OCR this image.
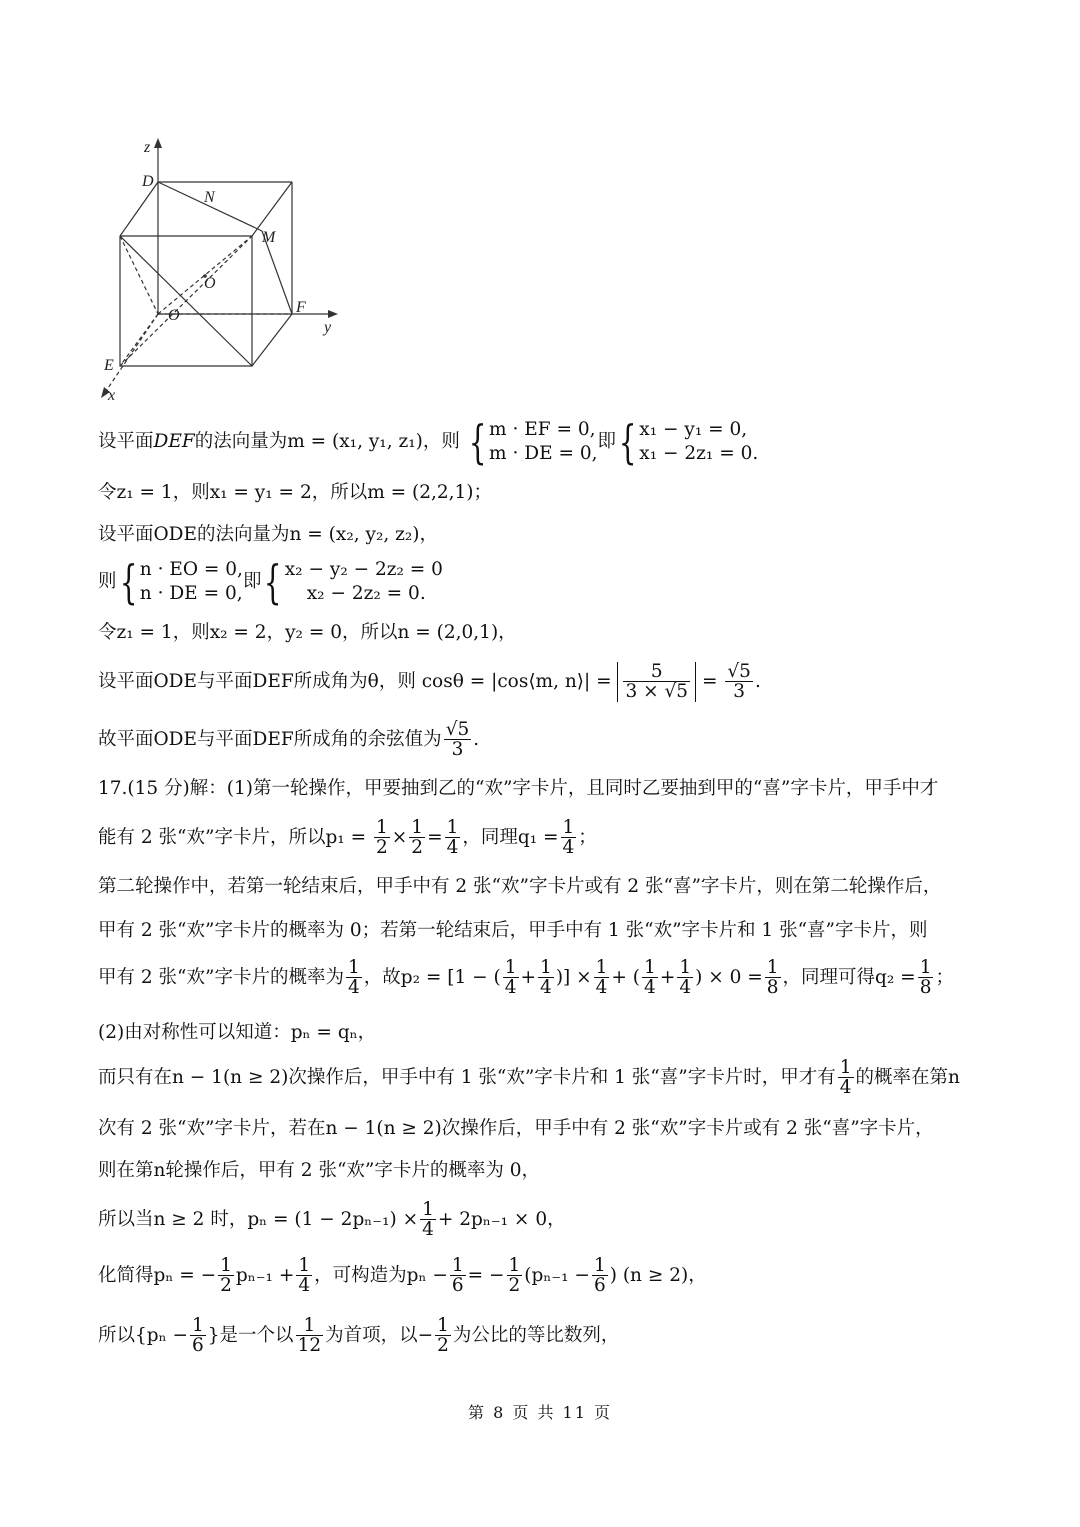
z
D
N
M
O
O	F
y
E
x
设平面DEF的法向量为m = (x₁, y₁, z₁)，则 { m · EF = 0,
m · DE = 0,
即{ x₁ − y₁ = 0,
x₁ − 2z₁ = 0.
令z₁ = 1，则x₁ = y₁ = 2，所以m = (2,2,1)；
设平面ODE的法向量为n = (x₂, y₂, z₂)，
则{ n · EO = 0,
n · DE = 0,
即{ x₂ − y₂ − 2z₂ = 0
x₂ − 2z₂ = 0.
令z₁ = 1，则x₂ = 2，y₂ = 0，所以n = (2,0,1)，
设平面ODE与平面DEF所成角为θ，则 cosθ = |cos⟨m, n⟩| = $\frac{5}{3 \times √5} = \frac{√5}{3}$ .
故平面ODE与平面DEF所成角的余弦值为 $\frac{√5}{3}$ .
17.(15 分)解：(1)第一轮操作，甲要抽到乙的“欢”字卡片，且同时乙要抽到甲的“喜”字卡片，甲手中才
能有 2 张“欢”字卡片，所以$p_1 = \frac{1}{2} \times \frac{1}{2} = \frac{1}{4}$ ，同理$q_1 = \frac{1}{4}$ ；
第二轮操作中，若第一轮结束后，甲手中有 2 张“欢”字卡片或有 2 张“喜”字卡片，则在第二轮操作后，
甲有 2 张“欢”字卡片的概率为 0；若第一轮结束后，甲手中有 1 张“欢”字卡片和 1 张“喜”字卡片，则
甲有 2 张“欢”字卡片的概率为 $\frac{1}{4}$ ，故p₂ = [1 − ( $\frac{1}{4} + \frac{1}{4}$ )] × $\frac{1}{4}$ + ( $\frac{1}{4} + \frac{1}{4}$ ) × $0 = \frac{1}{8}$ ，同理可得$q_2 = \frac{1}{8}$ ；
(2)由对称性可以知道：pₙ = qₙ，
而只有在n − 1(n ≥ 2)次操作后，甲手中有 1 张“欢”字卡片和 1 张“喜”字卡片时，甲才有 $\frac{1}{4}$ 的概率在第n
次有 2 张“欢”字卡片，若在n − 1(n ≥ 2)次操作后，甲手中有 2 张“欢”字卡片或有 2 张“喜”字卡片，
则在第n轮操作后，甲有 2 张“欢”字卡片的概率为 0，
所以当n ≥ 2 时，$p_n = (1 - 2p_{n-1}) \times \frac{1}{4} + 2p_{n-1} \times 0$，
化简得pₙ = − $\frac{1}{2} p_{n-1} + \frac{1}{4}$ ，可构造为$p_n - \frac{1}{6}$ = − $\frac{1}{2} (p_{n-1} - \frac{1}{6}$ ) (n ≥ 2)，
所以{$p_n - \frac{1}{6}$ }是一个以 $\frac{1}{12}$ 为首项，以− $\frac{1}{2}$ 为公比的等比数列，
第 8 页 共 11 页
